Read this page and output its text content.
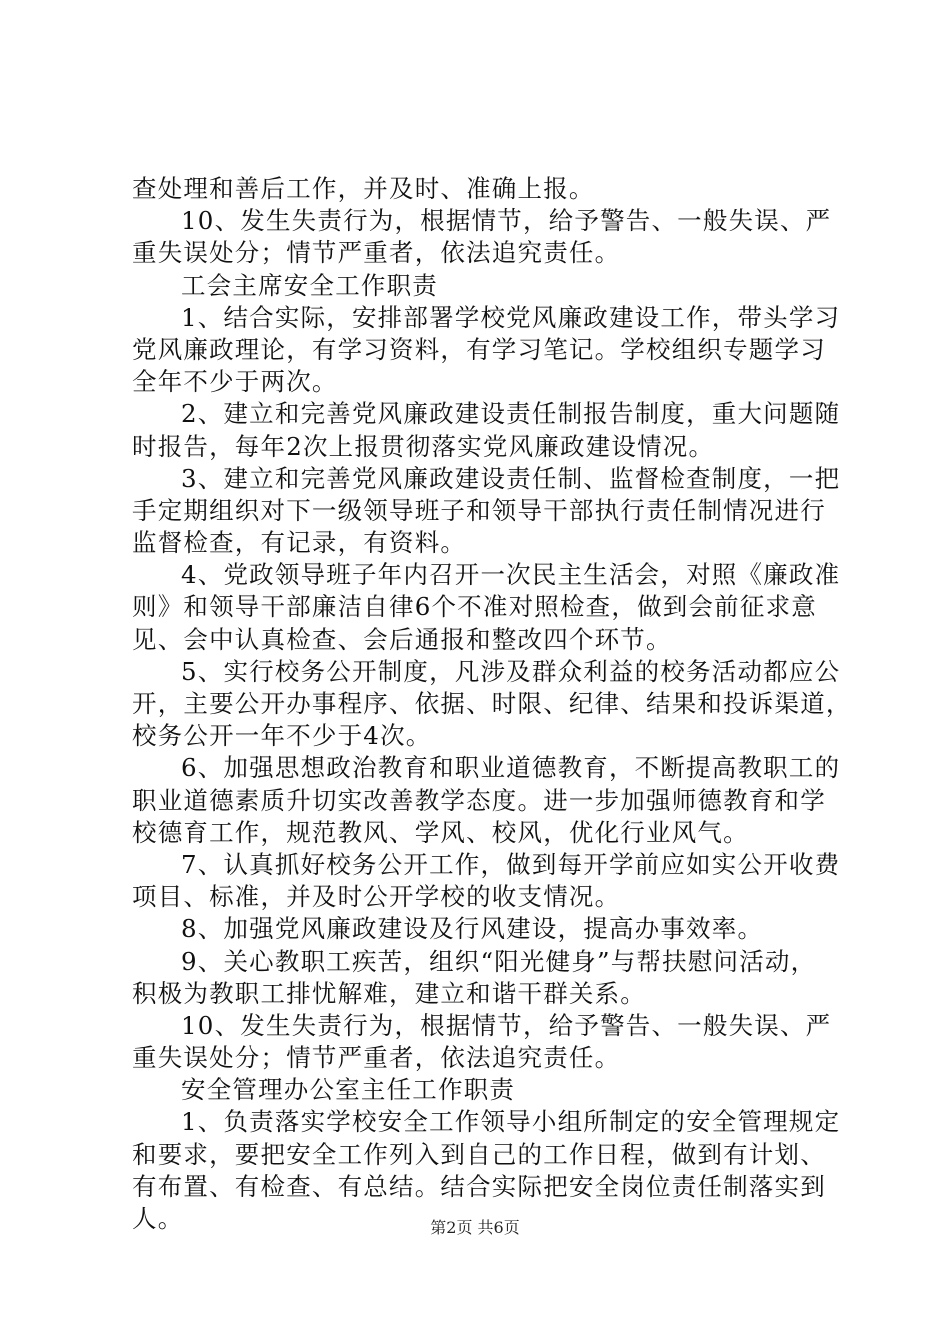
查处理和善后工作，并及时、准确上报。
10、发生失责行为，根据情节，给予警告、一般失误、严
重失误处分；情节严重者，依法追究责任。
工会主席安全工作职责
1、结合实际，安排部署学校党风廉政建设工作，带头学习
党风廉政理论，有学习资料，有学习笔记。学校组织专题学习
全年不少于两次。
2、建立和完善党风廉政建设责任制报告制度，重大问题随
时报告，每年2次上报贯彻落实党风廉政建设情况。
3、建立和完善党风廉政建设责任制、监督检查制度，一把
手定期组织对下一级领导班子和领导干部执行责任制情况进行
监督检查，有记录，有资料。
4、党政领导班子年内召开一次民主生活会，对照《廉政准
则》和领导干部廉洁自律6个不准对照检查，做到会前征求意
见、会中认真检查、会后通报和整改四个环节。
5、实行校务公开制度，凡涉及群众利益的校务活动都应公
开，主要公开办事程序、依据、时限、纪律、结果和投诉渠道，
校务公开一年不少于4次。
6、加强思想政治教育和职业道德教育，不断提高教职工的
职业道德素质升切实改善教学态度。进一步加强师德教育和学
校德育工作，规范教风、学风、校风，优化行业风气。
7、认真抓好校务公开工作，做到每开学前应如实公开收费
项目、标准，并及时公开学校的收支情况。
8、加强党风廉政建设及行风建设，提高办事效率。
9、关心教职工疾苦，组织“阳光健身”与帮扶慰问活动，
积极为教职工排忧解难，建立和谐干群关系。
10、发生失责行为，根据情节，给予警告、一般失误、严
重失误处分；情节严重者，依法追究责任。
安全管理办公室主任工作职责
1、负责落实学校安全工作领导小组所制定的安全管理规定
和要求，要把安全工作列入到自己的工作日程，做到有计划、
有布置、有检查、有总结。结合实际把安全岗位责任制落实到
人。	第2页 共6页
